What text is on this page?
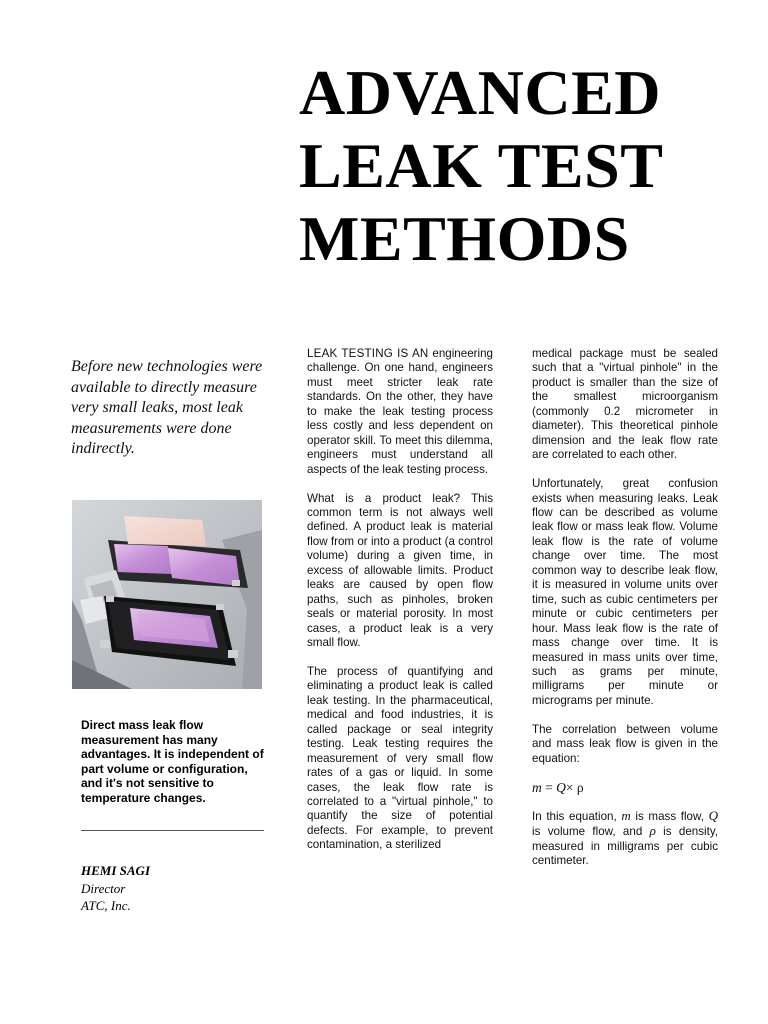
ADVANCED
LEAK TEST
METHODS

Before new technologies were available to directly measure very small leaks, most leak measurements were done indirectly.

Direct mass leak flow measurement has many advantages. It is independent of part volume or configuration, and it's not sensitive to temperature changes.

HEMI SAGI
Director
ATC, Inc.

LEAK TESTING IS AN engineering challenge. On one hand, engineers must meet stricter leak rate standards. On the other, they have to make the leak testing process less costly and less dependent on operator skill. To meet this dilemma, engineers must understand all aspects of the leak testing process.

What is a product leak? This common term is not always well defined. A product leak is material flow from or into a product (a control volume) during a given time, in excess of allowable limits. Product leaks are caused by open flow paths, such as pinholes, broken seals or material porosity. In most cases, a product leak is a very small flow.

The process of quantifying and eliminating a product leak is called leak testing. In the pharmaceutical, medical and food industries, it is called package or seal integrity testing. Leak testing requires the measurement of very small flow rates of a gas or liquid. In some cases, the leak flow rate is correlated to a "virtual pinhole," to quantify the size of potential defects. For example, to prevent contamination, a sterilized

medical package must be sealed such that a "virtual pinhole" in the product is smaller than the size of the smallest microorganism (commonly 0.2 micrometer in diameter). This theoretical pinhole dimension and the leak flow rate are correlated to each other.

Unfortunately, great confusion exists when measuring leaks. Leak flow can be described as volume leak flow or mass leak flow. Volume leak flow is the rate of volume change over time. The most common way to describe leak flow, it is measured in volume units over time, such as cubic centimeters per minute or cubic centimeters per hour. Mass leak flow is the rate of mass change over time. It is measured in mass units over time, such as grams per minute, milligrams per minute or micrograms per minute.

The correlation between volume and mass leak flow is given in the equation:

m = Q× ρ

In this equation, m is mass flow, Q is volume flow, and ρ is density, measured in milligrams per cubic centimeter.
